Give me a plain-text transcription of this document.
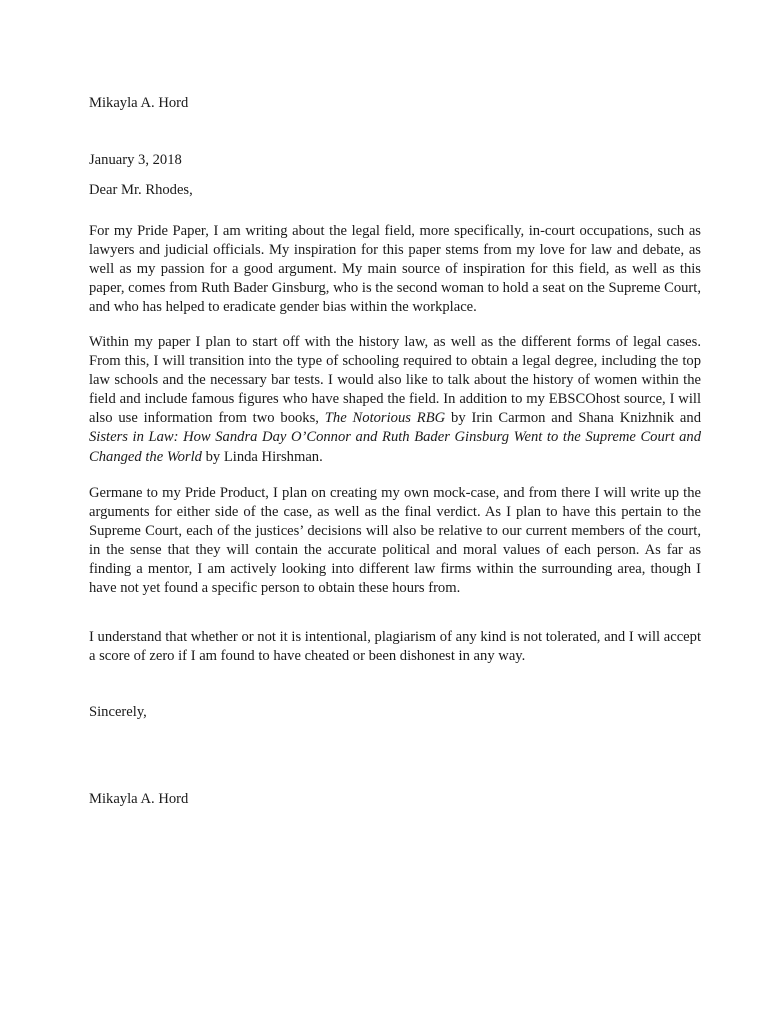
Mikayla A. Hord

January 3, 2018

Dear Mr. Rhodes,

For my Pride Paper, I am writing about the legal field, more specifically, in-court occupations, such as lawyers and judicial officials. My inspiration for this paper stems from my love for law and debate, as well as my passion for a good argument. My main source of inspiration for this field, as well as this paper, comes from Ruth Bader Ginsburg, who is the second woman to hold a seat on the Supreme Court, and who has helped to eradicate gender bias within the workplace.

Within my paper I plan to start off with the history law, as well as the different forms of legal cases. From this, I will transition into the type of schooling required to obtain a legal degree, including the top law schools and the necessary bar tests. I would also like to talk about the history of women within the field and include famous figures who have shaped the field. In addition to my EBSCOhost source, I will also use information from two books, The Notorious RBG by Irin Carmon and Shana Knizhnik and Sisters in Law: How Sandra Day O’Connor and Ruth Bader Ginsburg Went to the Supreme Court and Changed the World by Linda Hirshman.

Germane to my Pride Product, I plan on creating my own mock-case, and from there I will write up the arguments for either side of the case, as well as the final verdict. As I plan to have this pertain to the Supreme Court, each of the justices’ decisions will also be relative to our current members of the court, in the sense that they will contain the accurate political and moral values of each person. As far as finding a mentor, I am actively looking into different law firms within the surrounding area, though I have not yet found a specific person to obtain these hours from.

I understand that whether or not it is intentional, plagiarism of any kind is not tolerated, and I will accept a score of zero if I am found to have cheated or been dishonest in any way.

Sincerely,

Mikayla A. Hord
